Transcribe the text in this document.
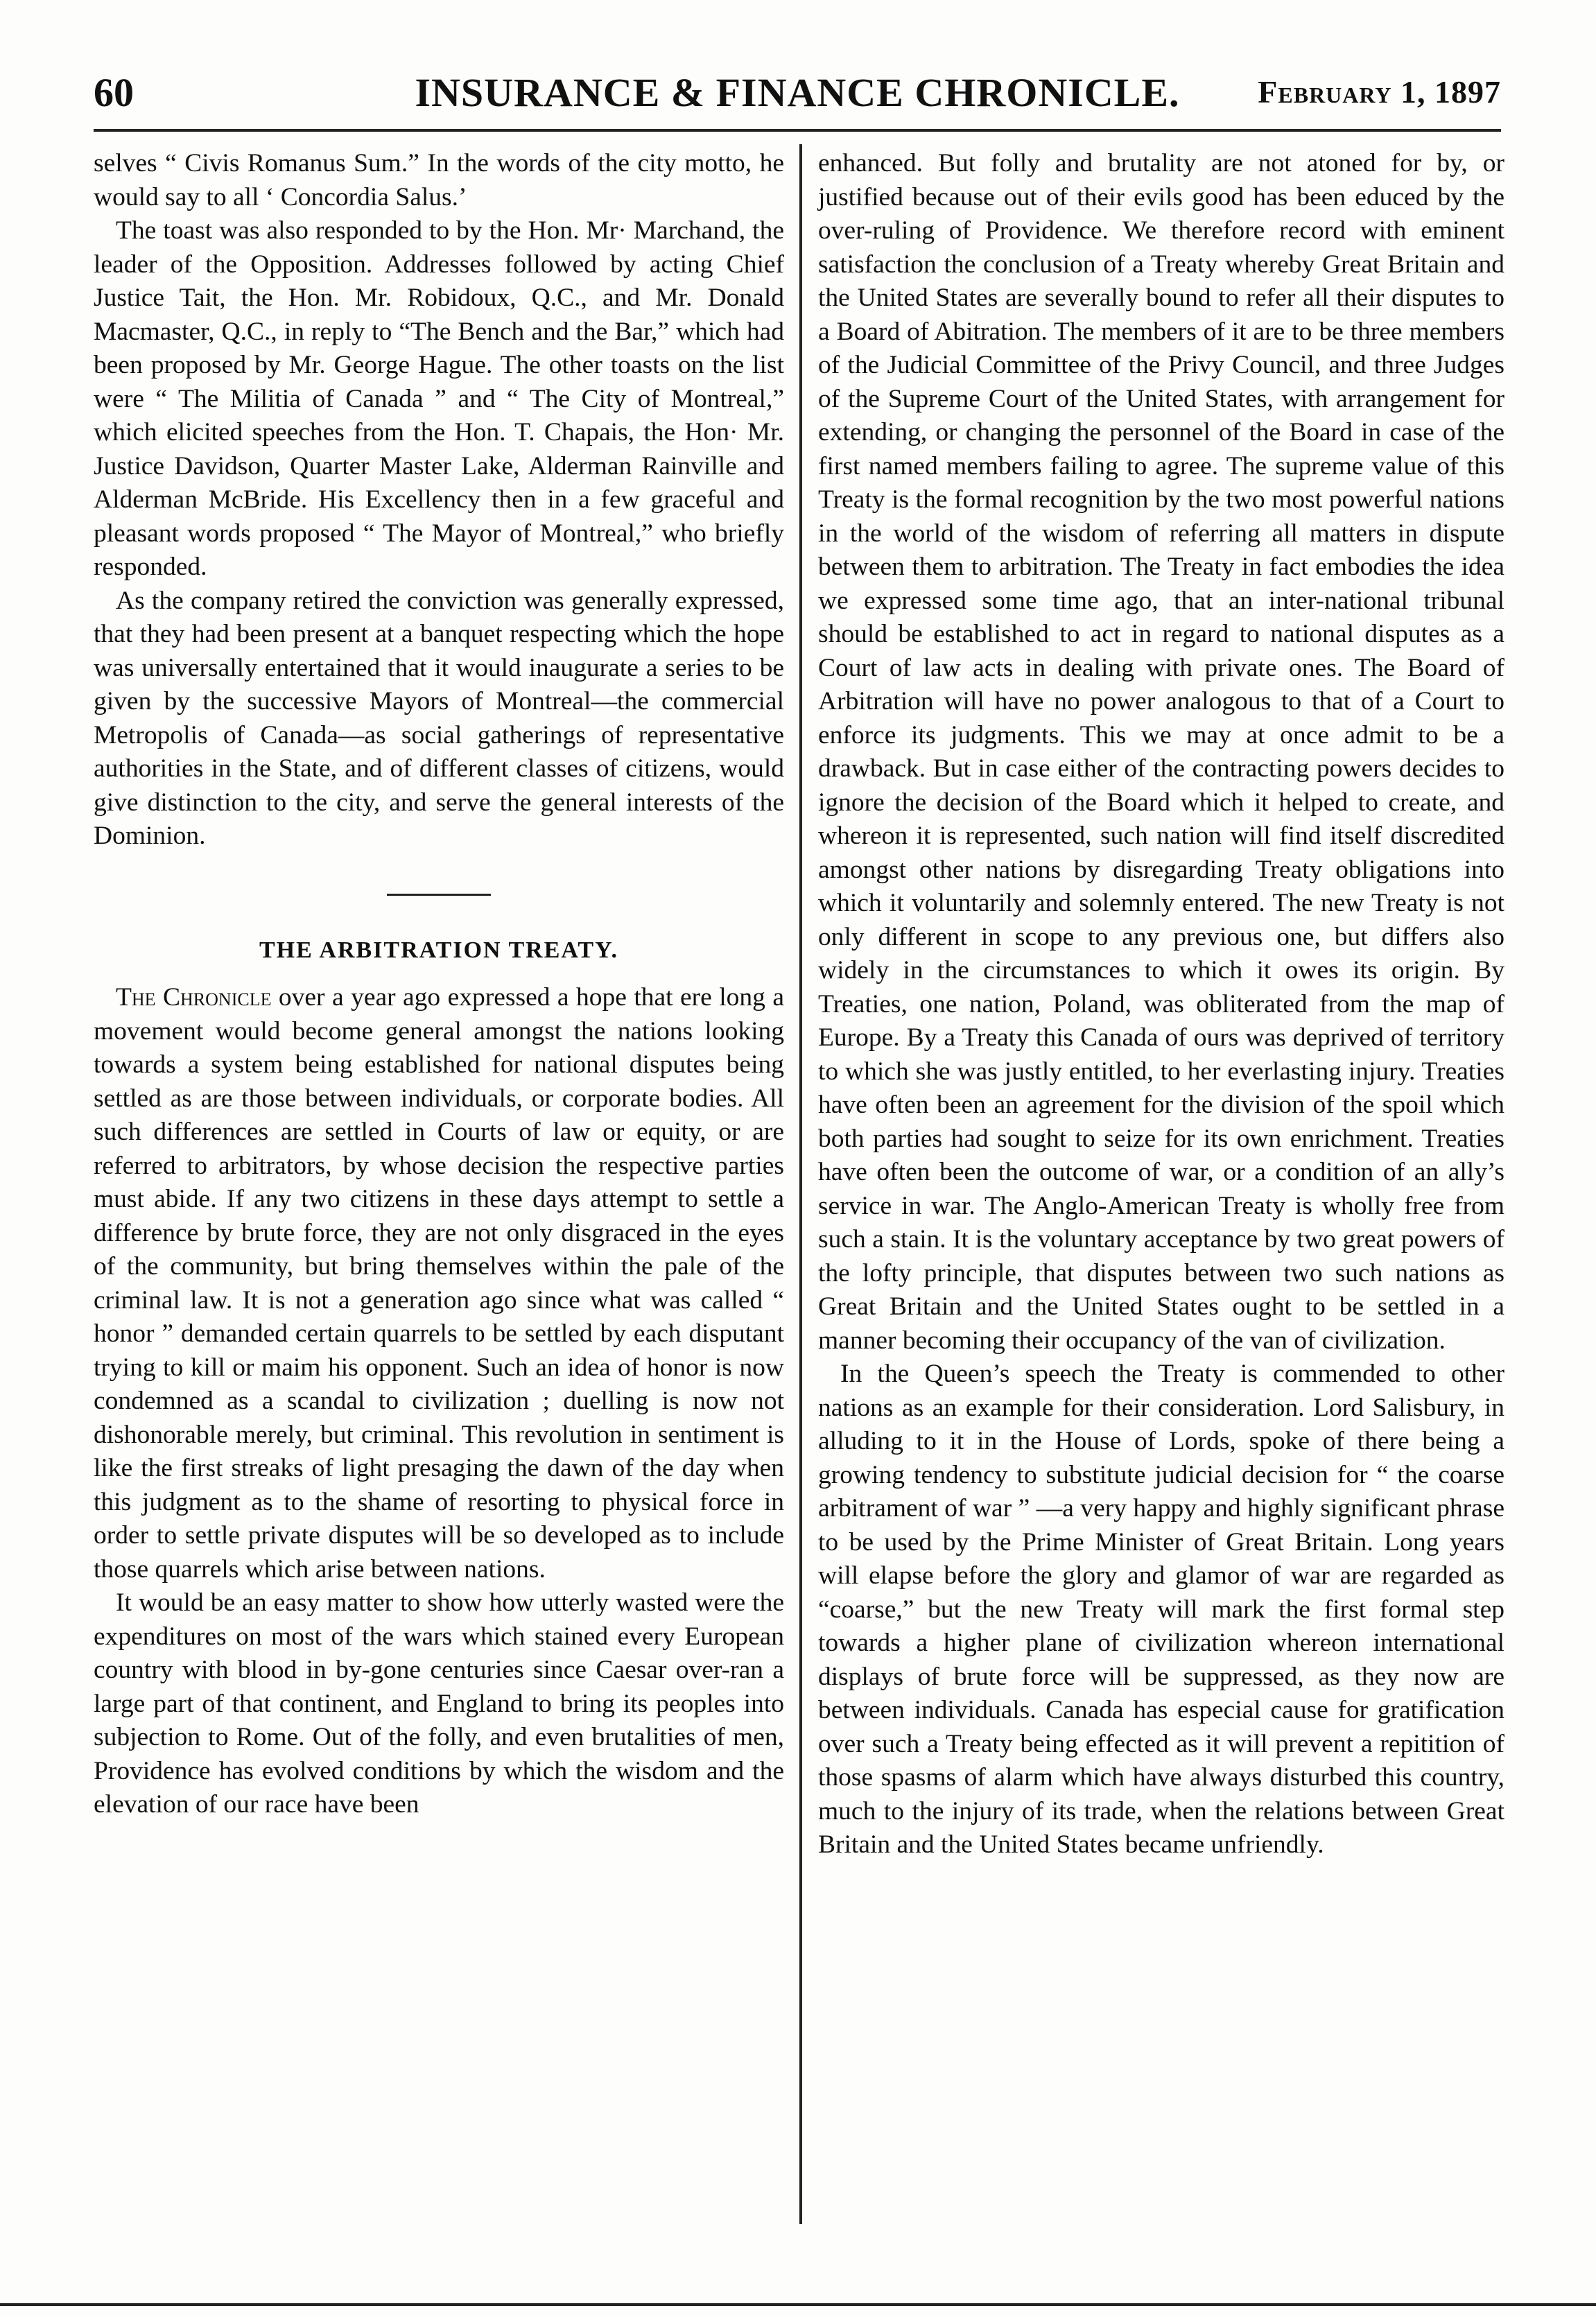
60	INSURANCE & FINANCE CHRONICLE.	February 1, 1897

selves “ Civis Romanus Sum.” In the words of the city motto, he would say to all ‘ Concordia Salus.’

The toast was also responded to by the Hon. Mr· Marchand, the leader of the Opposition. Addresses followed by acting Chief Justice Tait, the Hon. Mr. Robidoux, Q.C., and Mr. Donald Macmaster, Q.C., in reply to “The Bench and the Bar,” which had been proposed by Mr. George Hague. The other toasts on the list were “ The Militia of Canada ” and “ The City of Montreal,” which elicited speeches from the Hon. T. Chapais, the Hon· Mr. Justice Davidson, Quarter Master Lake, Alderman Rainville and Alderman McBride. His Excellency then in a few graceful and pleasant words proposed “ The Mayor of Montreal,” who briefly responded.

As the company retired the conviction was generally expressed, that they had been present at a banquet respecting which the hope was universally entertained that it would inaugurate a series to be given by the successive Mayors of Montreal—the commercial Metropolis of Canada—as social gatherings of representative authorities in the State, and of different classes of citizens, would give distinction to the city, and serve the general interests of the Dominion.

THE ARBITRATION TREATY.

The Chronicle over a year ago expressed a hope that ere long a movement would become general amongst the nations looking towards a system being established for national disputes being settled as are those between individuals, or corporate bodies. All such differences are settled in Courts of law or equity, or are referred to arbitrators, by whose decision the respective parties must abide. If any two citizens in these days attempt to settle a difference by brute force, they are not only disgraced in the eyes of the community, but bring themselves within the pale of the criminal law. It is not a generation ago since what was called “ honor ” demanded certain quarrels to be settled by each disputant trying to kill or maim his opponent. Such an idea of honor is now condemned as a scandal to civilization ; duelling is now not dishonorable merely, but criminal. This revolution in sentiment is like the first streaks of light presaging the dawn of the day when this judgment as to the shame of resorting to physical force in order to settle private disputes will be so developed as to include those quarrels which arise between nations.

It would be an easy matter to show how utterly wasted were the expenditures on most of the wars which stained every European country with blood in by-gone centuries since Caesar over-ran a large part of that continent, and England to bring its peoples into subjection to Rome. Out of the folly, and even brutalities of men, Providence has evolved conditions by which the wisdom and the elevation of our race have been

enhanced. But folly and brutality are not atoned for by, or justified because out of their evils good has been educed by the over-ruling of Providence. We therefore record with eminent satisfaction the conclusion of a Treaty whereby Great Britain and the United States are severally bound to refer all their disputes to a Board of Abitration. The members of it are to be three members of the Judicial Committee of the Privy Council, and three Judges of the Supreme Court of the United States, with arrangement for extending, or changing the personnel of the Board in case of the first named members failing to agree. The supreme value of this Treaty is the formal recognition by the two most powerful nations in the world of the wisdom of referring all matters in dispute between them to arbitration. The Treaty in fact embodies the idea we expressed some time ago, that an inter-national tribunal should be established to act in regard to national disputes as a Court of law acts in dealing with private ones. The Board of Arbitration will have no power analogous to that of a Court to enforce its judgments. This we may at once admit to be a drawback. But in case either of the contracting powers decides to ignore the decision of the Board which it helped to create, and whereon it is represented, such nation will find itself discredited amongst other nations by disregarding Treaty obligations into which it voluntarily and solemnly entered. The new Treaty is not only different in scope to any previous one, but differs also widely in the circumstances to which it owes its origin. By Treaties, one nation, Poland, was obliterated from the map of Europe. By a Treaty this Canada of ours was deprived of territory to which she was justly entitled, to her everlasting injury. Treaties have often been an agreement for the division of the spoil which both parties had sought to seize for its own enrichment. Treaties have often been the outcome of war, or a condition of an ally’s service in war. The Anglo-American Treaty is wholly free from such a stain. It is the voluntary acceptance by two great powers of the lofty principle, that disputes between two such nations as Great Britain and the United States ought to be settled in a manner becoming their occupancy of the van of civilization.

In the Queen’s speech the Treaty is commended to other nations as an example for their consideration. Lord Salisbury, in alluding to it in the House of Lords, spoke of there being a growing tendency to substitute judicial decision for “ the coarse arbitrament of war ” —a very happy and highly significant phrase to be used by the Prime Minister of Great Britain. Long years will elapse before the glory and glamor of war are regarded as “coarse,” but the new Treaty will mark the first formal step towards a higher plane of civilization whereon international displays of brute force will be suppressed, as they now are between individuals. Canada has especial cause for gratification over such a Treaty being effected as it will prevent a repitition of those spasms of alarm which have always disturbed this country, much to the injury of its trade, when the relations between Great Britain and the United States became unfriendly.
